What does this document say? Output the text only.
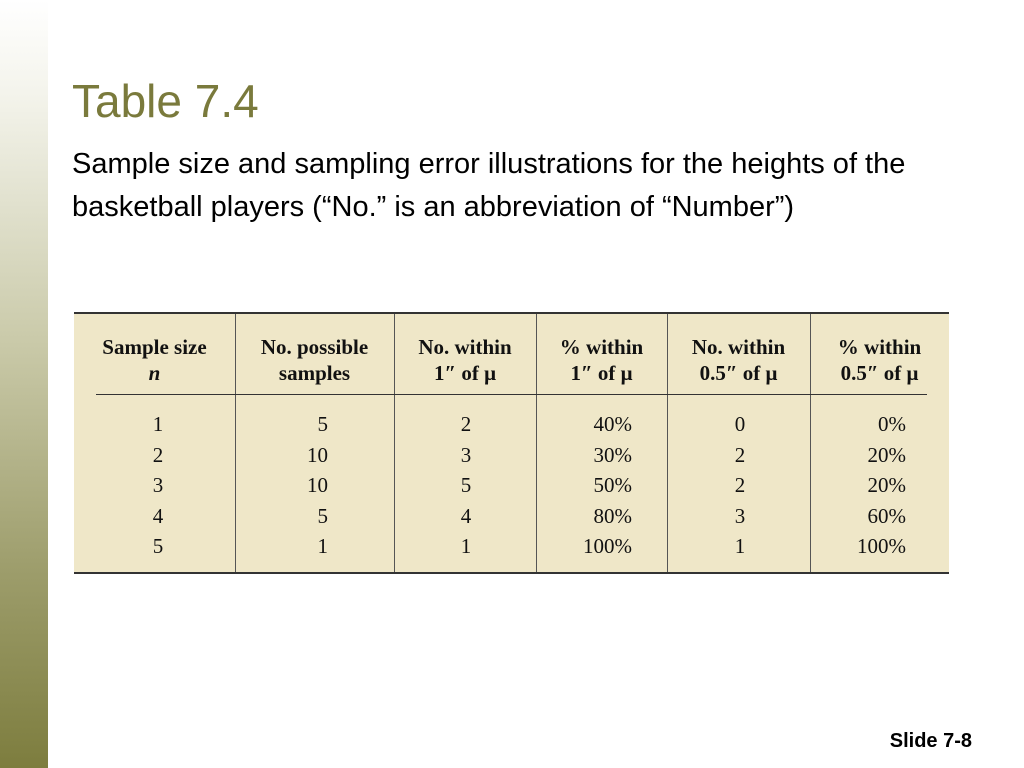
Table 7.4
Sample size and sampling error illustrations for the heights of the basketball players (“No.” is an abbreviation of “Number”)
Sample size
n
No. possible
samples
No. within
1″ of μ
% within
1″ of μ
No. within
0.5″ of μ
% within
0.5″ of μ
1
2
3
4
5
5
10
10
5
1
2
3
5
4
1
40%
30%
50%
80%
100%
0
2
2
3
1
0%
20%
20%
60%
100%
Slide 7-8
